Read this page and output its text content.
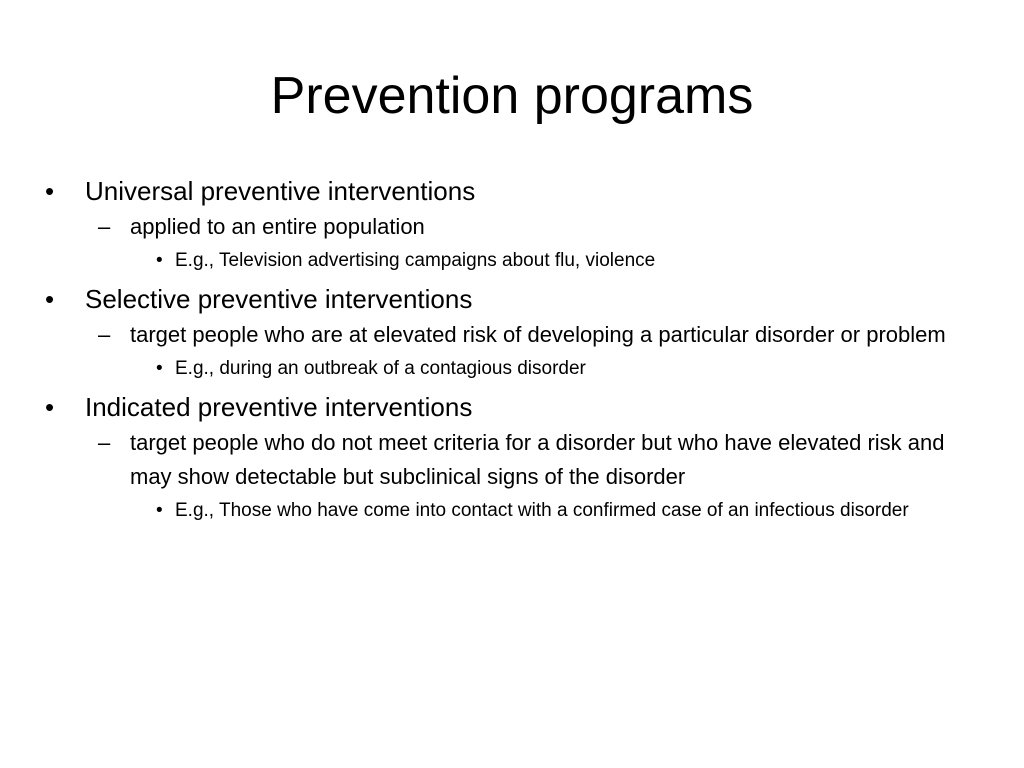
Prevention programs
•	Universal preventive interventions
– applied to an entire population
• E.g., Television advertising campaigns about flu, violence
•	Selective preventive interventions
– target people who are at elevated risk of developing a particular disorder or problem
• E.g., during an outbreak of a contagious disorder
•	Indicated preventive interventions
– target people who do not meet criteria for a disorder but who have elevated risk and may show detectable but subclinical signs of the disorder
• E.g., Those who have come into contact with a confirmed case of an infectious disorder
